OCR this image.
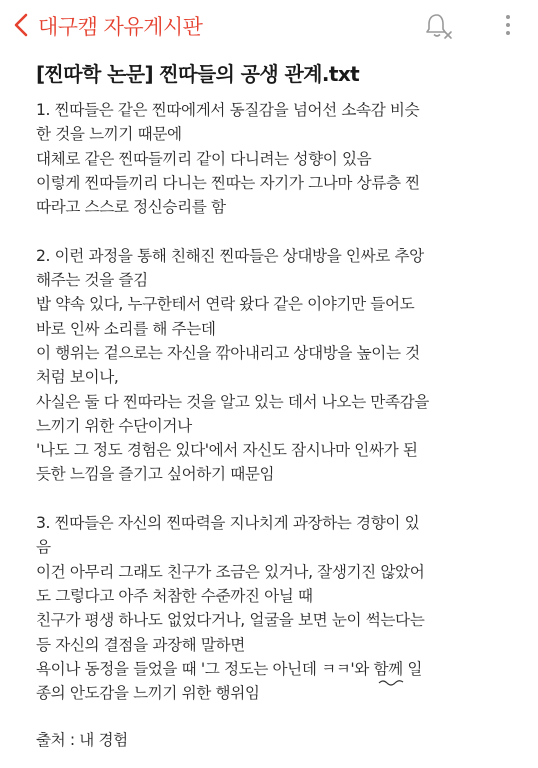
대구캠 자유게시판
[찐따학 논문] 찐따들의 공생 관계.txt
1. 찐따들은 같은 찐따에게서 동질감을 넘어선 소속감 비슷
한 것을 느끼기 때문에
대체로 같은 찐따들끼리 같이 다니려는 성향이 있음
이렇게 찐따들끼리 다니는 찐따는 자기가 그나마 상류층 찐
따라고 스스로 정신승리를 함
2. 이런 과정을 통해 친해진 찐따들은 상대방을 인싸로 추앙
해주는 것을 즐김
밥 약속 있다, 누구한테서 연락 왔다 같은 이야기만 들어도
바로 인싸 소리를 해 주는데
이 행위는 겉으로는 자신을 깎아내리고 상대방을 높이는 것
처럼 보이나,
사실은 둘 다 찐따라는 것을 알고 있는 데서 나오는 만족감을
느끼기 위한 수단이거나
'나도 그 정도 경험은 있다'에서 자신도 잠시나마 인싸가 된
듯한 느낌을 즐기고 싶어하기 때문임
3. 찐따들은 자신의 찐따력을 지나치게 과장하는 경향이 있
음
이건 아무리 그래도 친구가 조금은 있거나, 잘생기진 않았어
도 그렇다고 아주 처참한 수준까진 아닐 때
친구가 평생 하나도 없었다거나, 얼굴을 보면 눈이 썩는다는
등 자신의 결점을 과장해 말하면
욕이나 동정을 들었을 때 '그 정도는 아닌데 ㅋㅋ'와 함께 일
종의 안도감을 느끼기 위한 행위임
출처 : 내 경험
